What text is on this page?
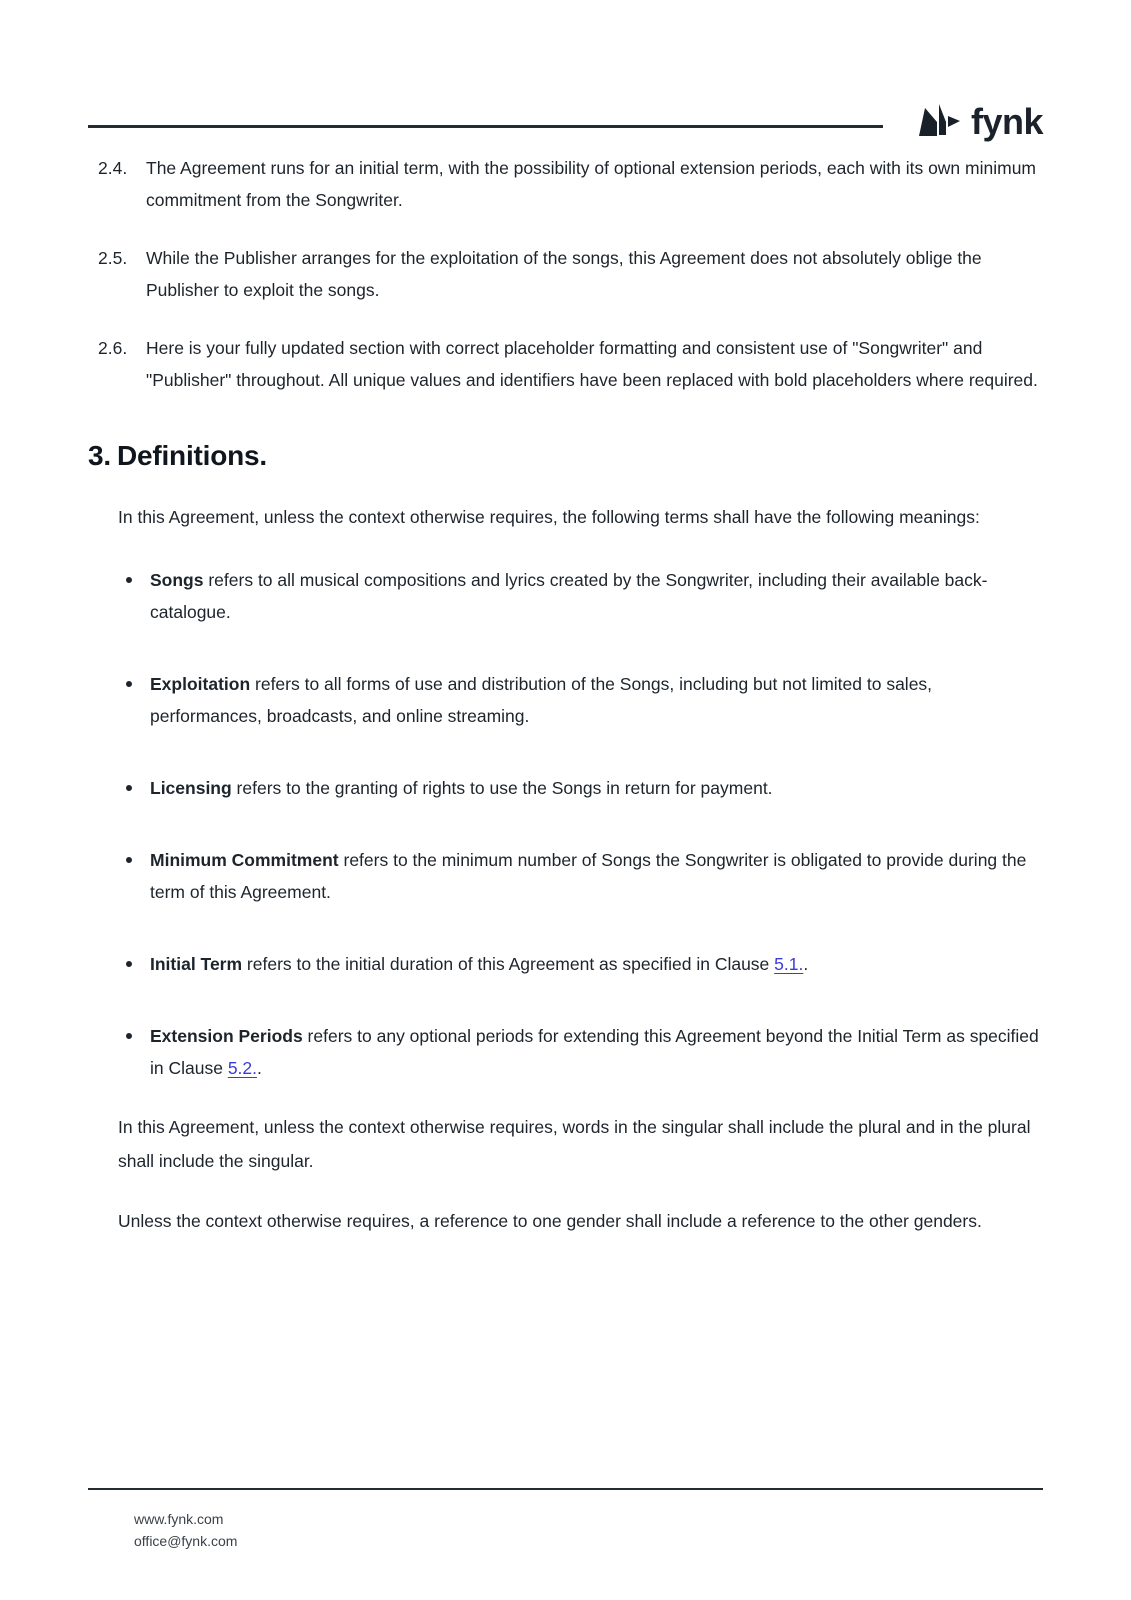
fynk
2.4.	The Agreement runs for an initial term, with the possibility of optional extension periods, each with its own minimum commitment from the Songwriter.
2.5.	While the Publisher arranges for the exploitation of the songs, this Agreement does not absolutely oblige the Publisher to exploit the songs.
2.6.	Here is your fully updated section with correct placeholder formatting and consistent use of "Songwriter" and "Publisher" throughout. All unique values and identifiers have been replaced with bold placeholders where required.
3. Definitions.

In this Agreement, unless the context otherwise requires, the following terms shall have the following meanings:

Songs refers to all musical compositions and lyrics created by the Songwriter, including their available back-catalogue.
Exploitation refers to all forms of use and distribution of the Songs, including but not limited to sales, performances, broadcasts, and online streaming.
Licensing refers to the granting of rights to use the Songs in return for payment.
Minimum Commitment refers to the minimum number of Songs the Songwriter is obligated to provide during the term of this Agreement.
Initial Term refers to the initial duration of this Agreement as specified in Clause 5.1..
Extension Periods refers to any optional periods for extending this Agreement beyond the Initial Term as specified in Clause 5.2..

In this Agreement, unless the context otherwise requires, words in the singular shall include the plural and in the plural shall include the singular.

Unless the context otherwise requires, a reference to one gender shall include a reference to the other genders.

www.fynk.com
office@fynk.com
